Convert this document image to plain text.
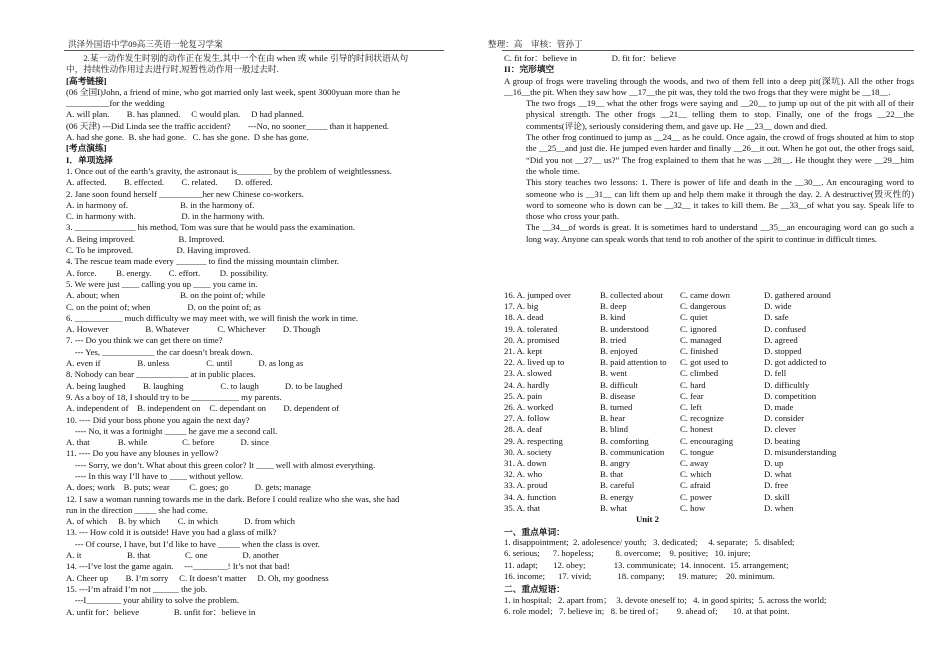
洪泽外国语中学09高三英语一轮复习学案	整理：高　审核：管孙丁
　　2.某一动作发生时别的动作正在发生,其中一个在由 when 或 while 引导的时间状语从句
中，持续性动作用过去进行时,短暂性动作用一般过去时.
[高考链接]
(06 全国I)John, a friend of mine, who got married only last week, spent 3000yuan more than he
__________for the wedding
A. will plan.　　B. has planned.　 C would plan.　 D had planned.
(06 天津) ---Did Linda see the traffic accident?　　---No, no sooner_____ than it happened.
A. had she gone.  B. she had gone.   C. has she gone.  D she has gone.
[考点演练]
I．单项选择
1. Once out of the earth’s gravity, the astronaut is________ by the problem of weightlessness.
A. affected.　　B. effected.　　C. related.　　D. offered.
2. Jane soon found herself __________her new Chinese co-workers.
A. in harmony of.　　　　　　B. in the harmony of.
C. in harmony with.　　　　　 D. in the harmony with.
3. ______________ his method, Tom was sure that he would pass the examination.
A. Being improved.　　　　　B. Improved.
C. To be improved.　　　　　D. Having improved.
4. The rescue team made every _______ to find the missing mountain climber.
A. force.　　 B. energy.　　C. effort.　　 D. possibility.
5. We were just ____ calling you up ____ you came in.
A. about; when　　　　　　　B. on the point of; while
C. on the point of; when　　　　 D. on the point of; as
6. ___________ much difficulty we may meet with, we will finish the work in time.
A. However　　　　 B. Whatever　　　 C. Whichever　　D. Though
7. --- Do you think we can get there on time?
　--- Yes, ____________ the car doesn’t break down.
A. even if　　　　 B. unless　　　　 C. until　　　D. as long as
8. Nobody can bear ____________ at in public places.
A. being laughed　　B. laughing　　　　 C. to laugh　　　D. to be laughed
9. As a boy of 18, I should try to be ___________ my parents.
A. independent of　B. independent on　C. dependant on　　D. dependent of
10. ---- Did your boss phone you again the next day?
　---- No, it was a fortnight _____ he gave me a second call.
A. that　　　 B. while　　　　C. before　　　D. since
11. ---- Do you have any blouses in yellow?
　---- Sorry, we don’t. What about this green color? It ____ well with almost everything.
　---- In this way I’ll have to ____ without yellow.
A. does; work　B. puts; wear　　 C. goes; go　　　D. gets; manage
12. I saw a woman running towards me in the dark. Before I could realize who she was, she had
run in the direction _____ she had come.
A. of which　 B. by which　　C. in which　　　D. from which
13. --- How cold it is outside! Have you had a glass of milk?
　--- Of course, I have, but I’d like to have _____ when the class is over.
A. it　　　　　 B. that　　　　C. one　　　　D. another
14. ---I’ve lost the game again.　 ---________! It’s not that bad!
A. Cheer up　　B. I’m sorry　 C. It doesn’t matter　 D. Oh, my goodness
15. ---I’m afraid I’m not ______ the job.
　---I________ your ability to solve the problem.
A. unfit for：believe　　　　B. unfit for：believe in
C. fit for：believe in　　　　D. fit for：believe
II：完形填空
A group of frogs were traveling through the woods, and two of them fell into a deep pit(深坑). All the other frogs __16__the pit. When they saw how __17__the pit was, they told the two frogs that they were might be __18__.
The two frogs __19__ what the other frogs were saying and __20__ to jump up out of the pit with all of their physical strength. The other frogs __21__ telling them to stop. Finally, one of the frogs __22__the comments(评论), seriously considering them, and gave up. He __23__ down and died.
The other frog continued to jump as __24__ as he could. Once again, the crowd of frogs shouted at him to stop the __25__and just die. He jumped even harder and finally __26__it out. When he got out, the other frogs said, “Did you not __27__ us?” The frog explained to them that he was __28__. He thought they were __29__him the whole time.
This story teaches two lessons: 1. There is power of life and death in the __30__. An encouraging word to someone who is __31__ can lift them up and help them make it through the day. 2. A destructive(毁灭性的) word to someone who is down can be __32__ it takes to kill them. Be __33__of what you say. Speak life to those who cross your path.
The __34__of words is great. It is sometimes hard to understand __35__an encouraging word can go such a long way. Anyone can speak words that tend to rob another of the spirit to continue in difficult times.
16. A. jumped over	B. collected about C. came down	D. gathered around
17. A. big	B. deep	C. dangerous	D. wide
18. A. dead	B. kind	C. quiet	D. safe
19. A. tolerated	B. understood	C. ignored	D. confused
20. A. promised	B. tried	C. managed	D. agreed
21. A. kept	B. enjoyed	C. finished	D. stopped
22. A. lived up to	B. paid attention to C. got used to	D. got addicted to
23. A. slowed	B. went	C. climbed	D. fell
24. A. hardly	B. difficult	C. hard	D. difficultly
25. A. pain	B. disease	C. fear	D. competition
26. A. worked	B. turned	C. left	D. made
27. A. follow	B. hear	C. recognize	D. consider
28. A. deaf	B. blind	C. honest	D. clever
29. A. respecting	B. comforting	C. encouraging	D. beating
30. A. society	B. communication C. tongue	D. misunderstanding
31. A. down	B. angry	C. away	D. up
32. A. who	B. that	C. which	D. what
33. A. proud	B. careful	C. afraid	D. free
34. A. function	B. energy	C. power	D. skill
35. A. that	B. what	C. how	D. when
Unit 2
一、重点单词：
1. disappointment;  2. adolesence/ youth;   3. dedicated;     4. separate;   5. disabled;
6. serious;      7. hopeless;          8. overcome;    9. positive;   10. injure;
11. adapt;       12. obey;             13. communicate;  14. innocent.  15. arrangement;
16. income;      17. vivid;            18. company;      19. mature;    20. minimum.
二、重点短语：
1. in hospital;   2. apart from；  3. devote oneself to;   4. in good spirits;  5. across the world;
6. role model;   7. believe in;   8. be tired of；      9. ahead of;       10. at that point.
